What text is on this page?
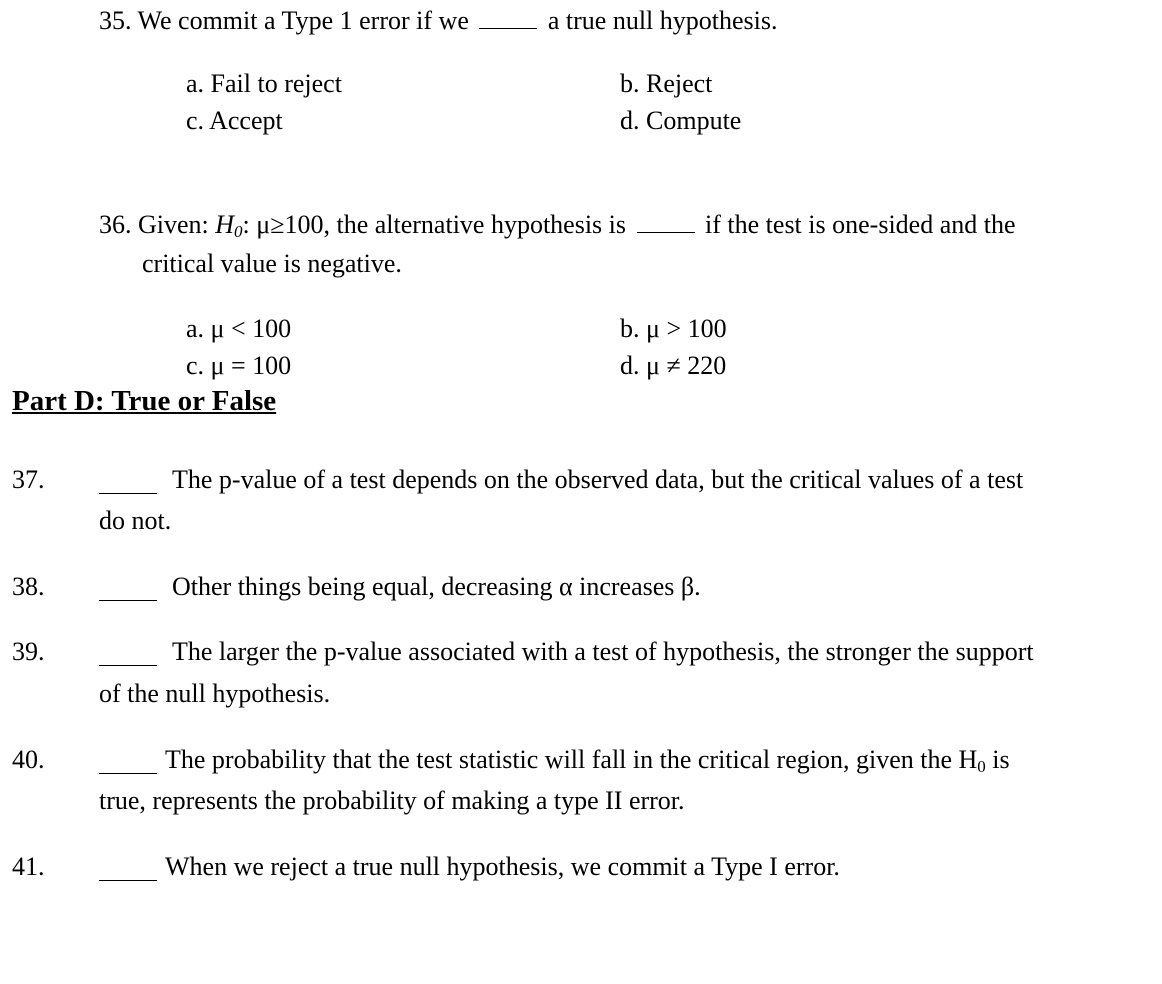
35. We commit a Type 1 error if we	a true null hypothesis.
a. Fail to reject	b. Reject
c. Accept	d. Compute
36. Given: $H_0$: μ≥100, the alternative hypothesis is	if the test is one-sided and the
critical value is negative.
a. μ < 100	b. μ > 100
c. μ = 100	d. μ ≠ 220
Part D: True or False
37.	The p-value of a test depends on the observed data, but the critical values of a test
do not.
38.	Other things being equal, decreasing α increases β.
39.	The larger the p-value associated with a test of hypothesis, the stronger the support
of the null hypothesis.
40.	The probability that the test statistic will fall in the critical region, given the $H_0$ is
true, represents the probability of making a type II error.
41.	When we reject a true null hypothesis, we commit a Type I error.
